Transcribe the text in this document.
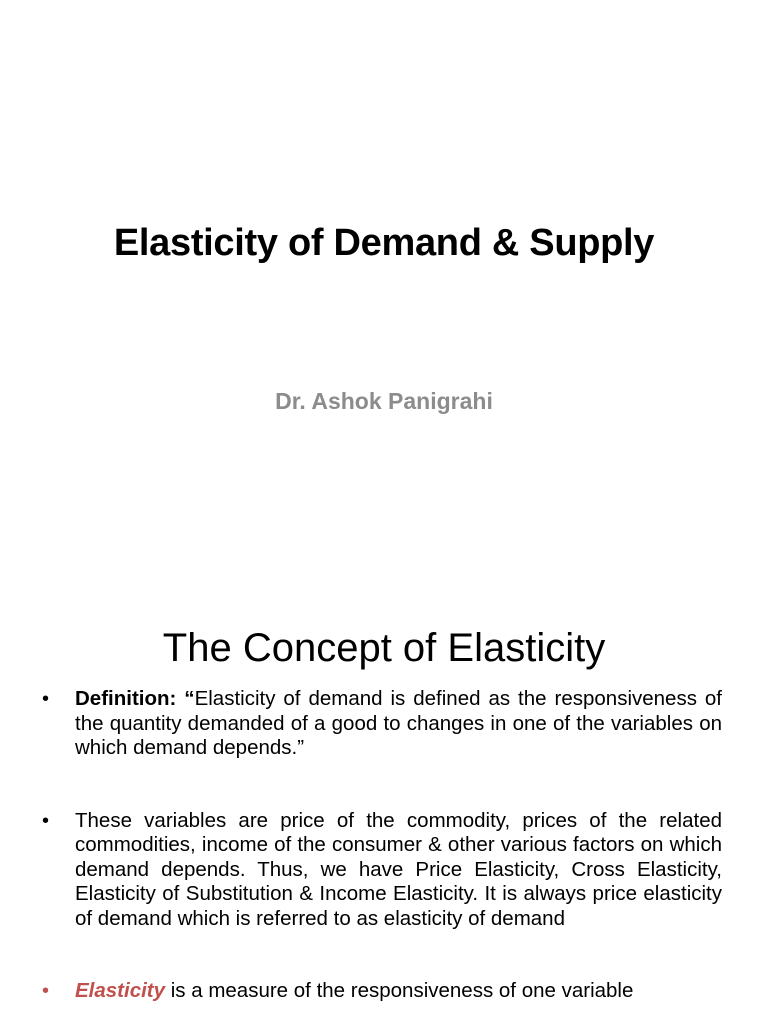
Elasticity of Demand & Supply
Dr. Ashok Panigrahi
The Concept of Elasticity
• Definition: “Elasticity of demand is defined as the responsiveness of the quantity demanded of a good to changes in one of the variables on which demand depends.”
• These variables are price of the commodity, prices of the related commodities, income of the consumer & other various factors on which demand depends. Thus, we have Price Elasticity, Cross Elasticity, Elasticity of Substitution & Income Elasticity. It is always price elasticity of demand which is referred to as elasticity of demand
• Elasticity is a measure of the responsiveness of one variable
